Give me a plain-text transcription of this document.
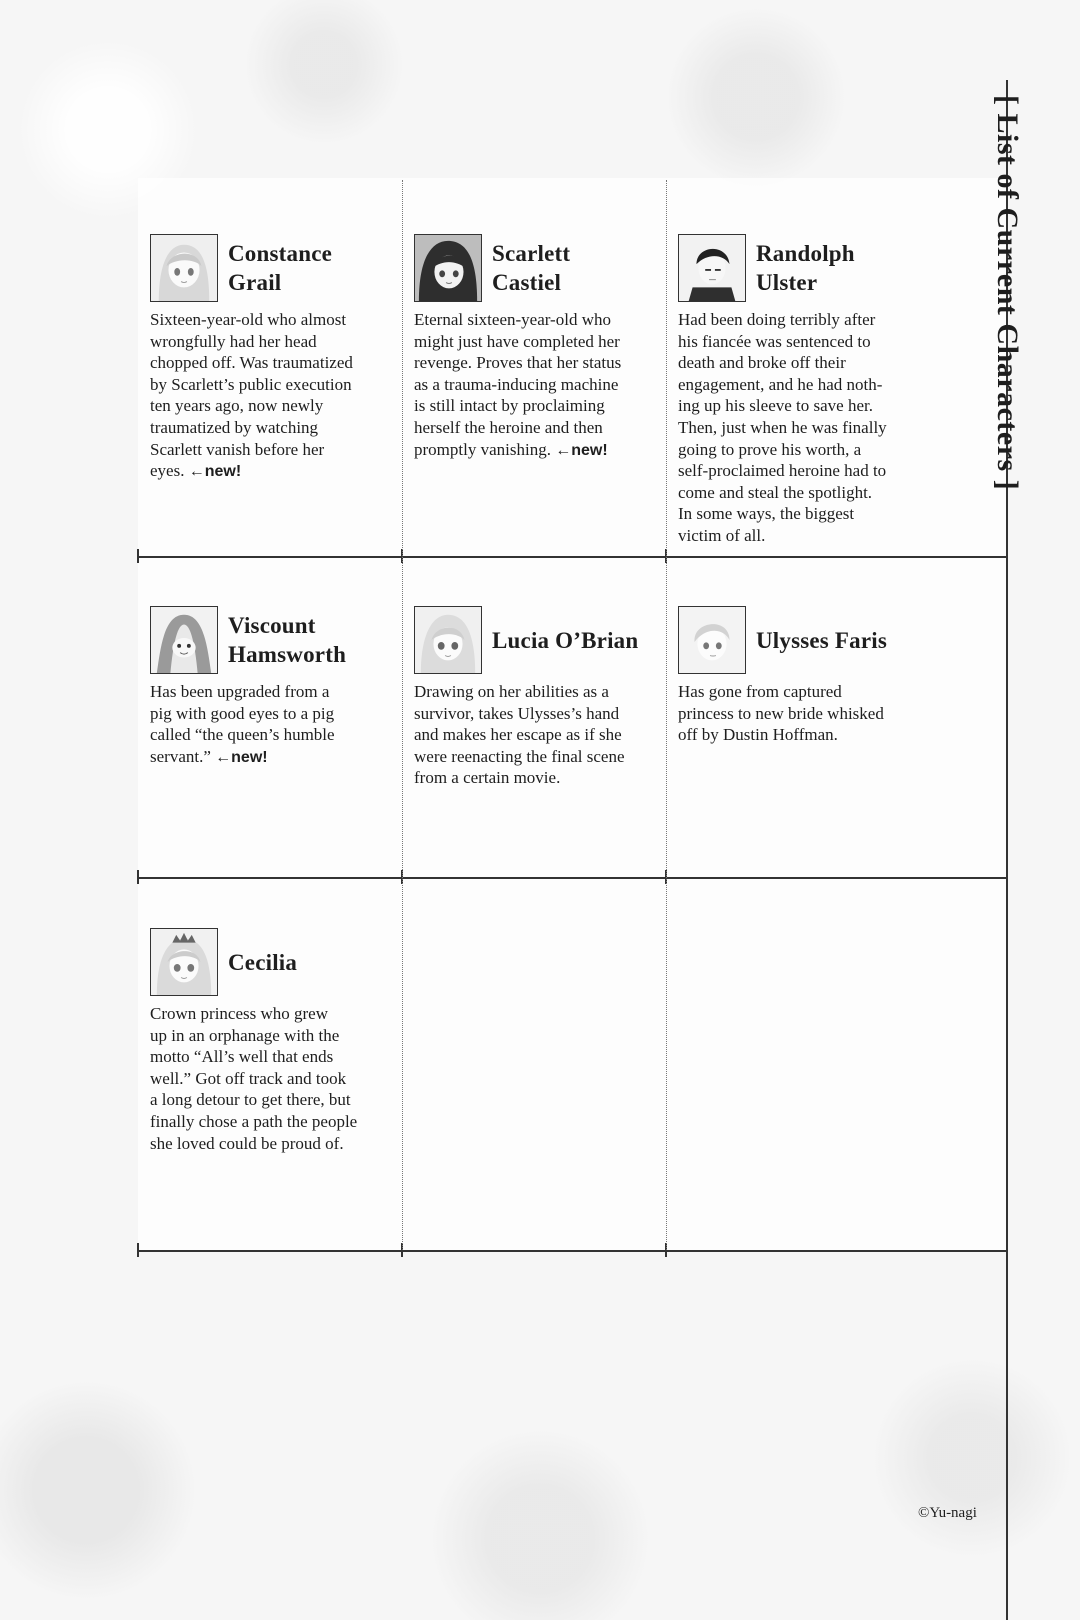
[ List of Current Characters ]
Constance
Grail
Sixteen-year-old who almost
wrongfully had her head
chopped off. Was traumatized
by Scarlett’s public execution
ten years ago, now newly
traumatized by watching
Scarlett vanish before her
eyes. ←new!
Scarlett
Castiel
Eternal sixteen-year-old who
might just have completed her
revenge. Proves that her status
as a trauma-inducing machine
is still intact by proclaiming
herself the heroine and then
promptly vanishing. ←new!
Randolph
Ulster
Had been doing terribly after
his fiancée was sentenced to
death and broke off their
engagement, and he had noth-
ing up his sleeve to save her.
Then, just when he was finally
going to prove his worth, a
self-proclaimed heroine had to
come and steal the spotlight.
In some ways, the biggest
victim of all.
Viscount
Hamsworth
Has been upgraded from a
pig with good eyes to a pig
called “the queen’s humble
servant.” ←new!
Lucia O’Brian
Drawing on her abilities as a
survivor, takes Ulysses’s hand
and makes her escape as if she
were reenacting the final scene
from a certain movie.
Ulysses Faris
Has gone from captured
princess to new bride whisked
off by Dustin Hoffman.
Cecilia
Crown princess who grew
up in an orphanage with the
motto “All’s well that ends
well.” Got off track and took
a long detour to get there, but
finally chose a path the people
she loved could be proud of.
©Yu-nagi
